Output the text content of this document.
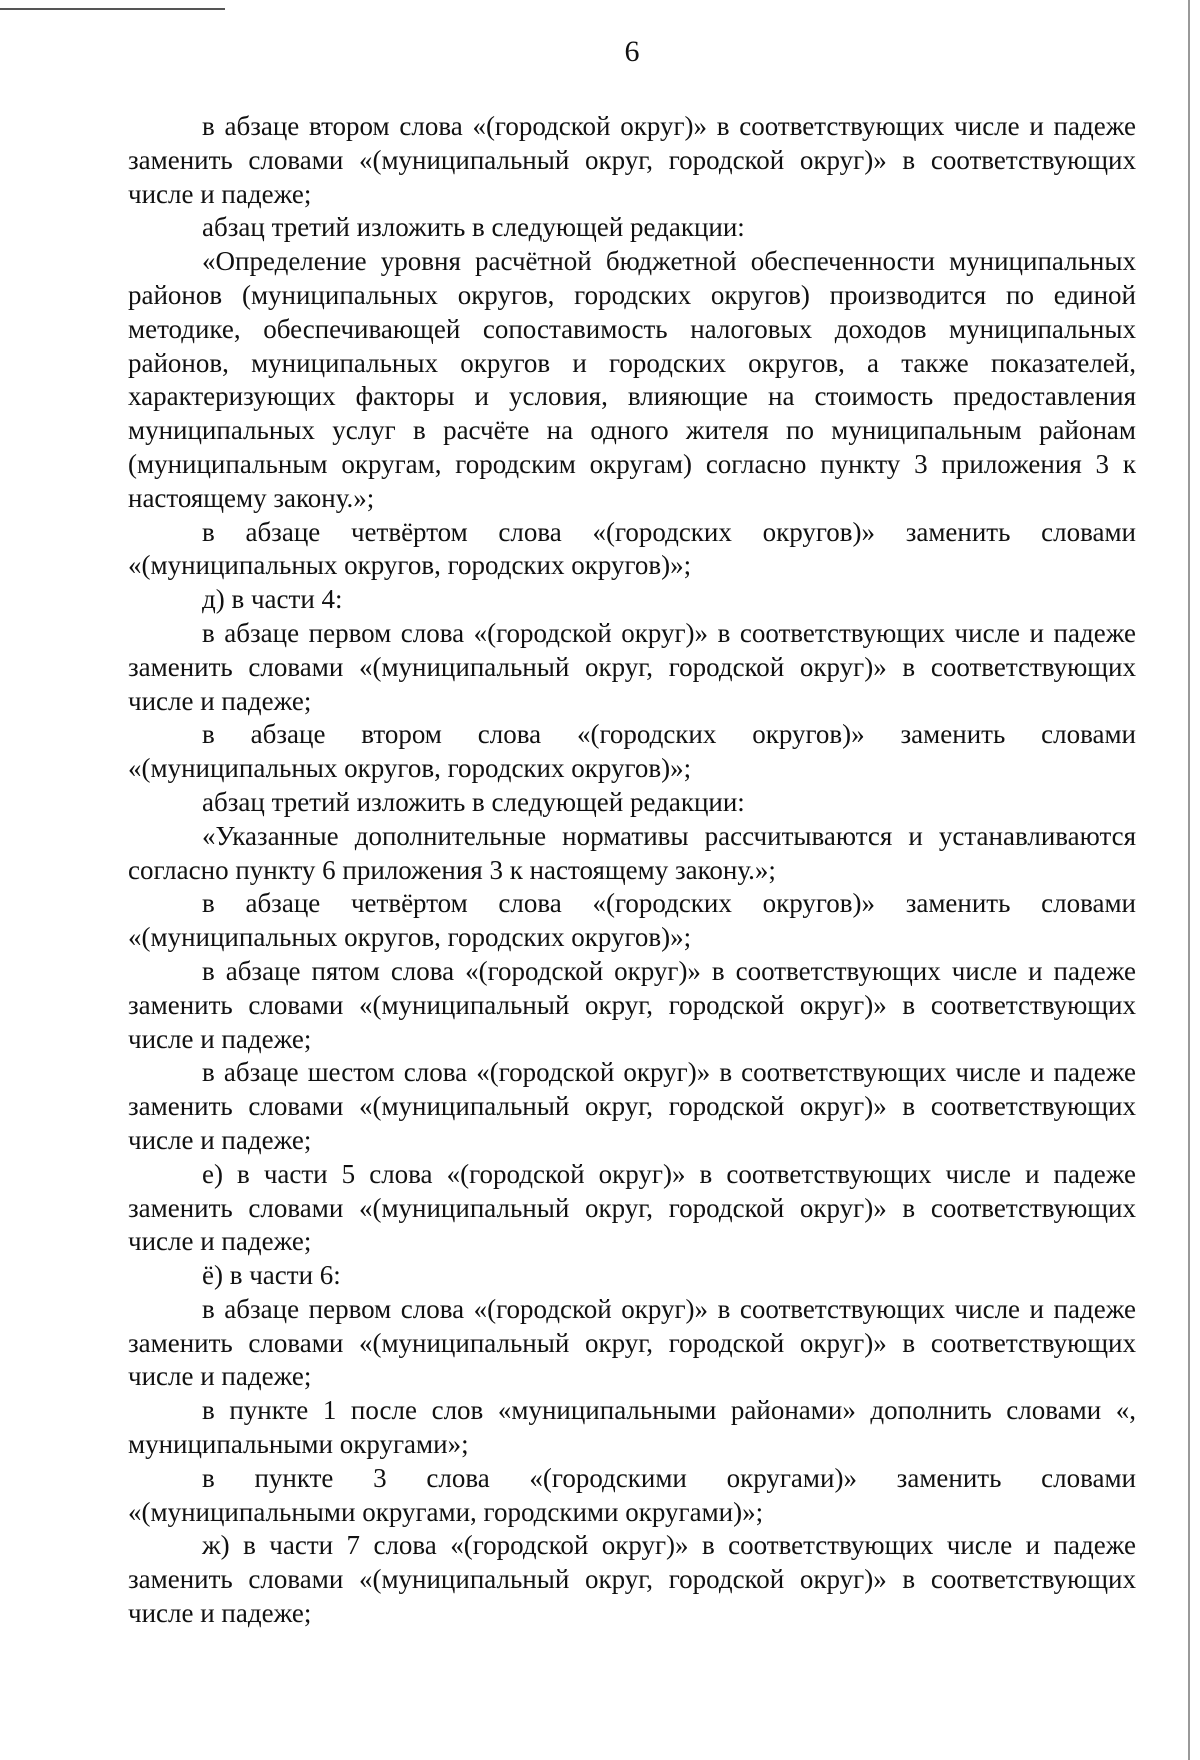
6

в абзаце втором слова «(городской округ)» в соответствующих числе и падеже заменить словами «(муниципальный округ, городской округ)» в соответствующих числе и падеже;

абзац третий изложить в следующей редакции:

«Определение уровня расчётной бюджетной обеспеченности муниципальных районов (муниципальных округов, городских округов) производится по единой методике, обеспечивающей сопоставимость налоговых доходов муниципальных районов, муниципальных округов и городских округов, а также показателей, характеризующих факторы и условия, влияющие на стоимость предоставления муниципальных услуг в расчёте на одного жителя по муниципальным районам (муниципальным округам, городским округам) согласно пункту 3 приложения 3 к настоящему закону.»;

в абзаце четвёртом слова «(городских округов)» заменить словами «(муниципальных округов, городских округов)»;

д) в части 4:

в абзаце первом слова «(городской округ)» в соответствующих числе и падеже заменить словами «(муниципальный округ, городской округ)» в соответствующих числе и падеже;

в абзаце втором слова «(городских округов)» заменить словами «(муниципальных округов, городских округов)»;

абзац третий изложить в следующей редакции:

«Указанные дополнительные нормативы рассчитываются и устанавливаются согласно пункту 6 приложения 3 к настоящему закону.»;

в абзаце четвёртом слова «(городских округов)» заменить словами «(муниципальных округов, городских округов)»;

в абзаце пятом слова «(городской округ)» в соответствующих числе и падеже заменить словами «(муниципальный округ, городской округ)» в соответствующих числе и падеже;

в абзаце шестом слова «(городской округ)» в соответствующих числе и падеже заменить словами «(муниципальный округ, городской округ)» в соответствующих числе и падеже;

е) в части 5 слова «(городской округ)» в соответствующих числе и падеже заменить словами «(муниципальный округ, городской округ)» в соответствующих числе и падеже;

ё) в части 6:

в абзаце первом слова «(городской округ)» в соответствующих числе и падеже заменить словами «(муниципальный округ, городской округ)» в соответствующих числе и падеже;

в пункте 1 после слов «муниципальными районами» дополнить словами «, муниципальными округами»;

в пункте 3 слова «(городскими округами)» заменить словами «(муниципальными округами, городскими округами)»;

ж) в части 7 слова «(городской округ)» в соответствующих числе и падеже заменить словами «(муниципальный округ, городской округ)» в соответствующих числе и падеже;
